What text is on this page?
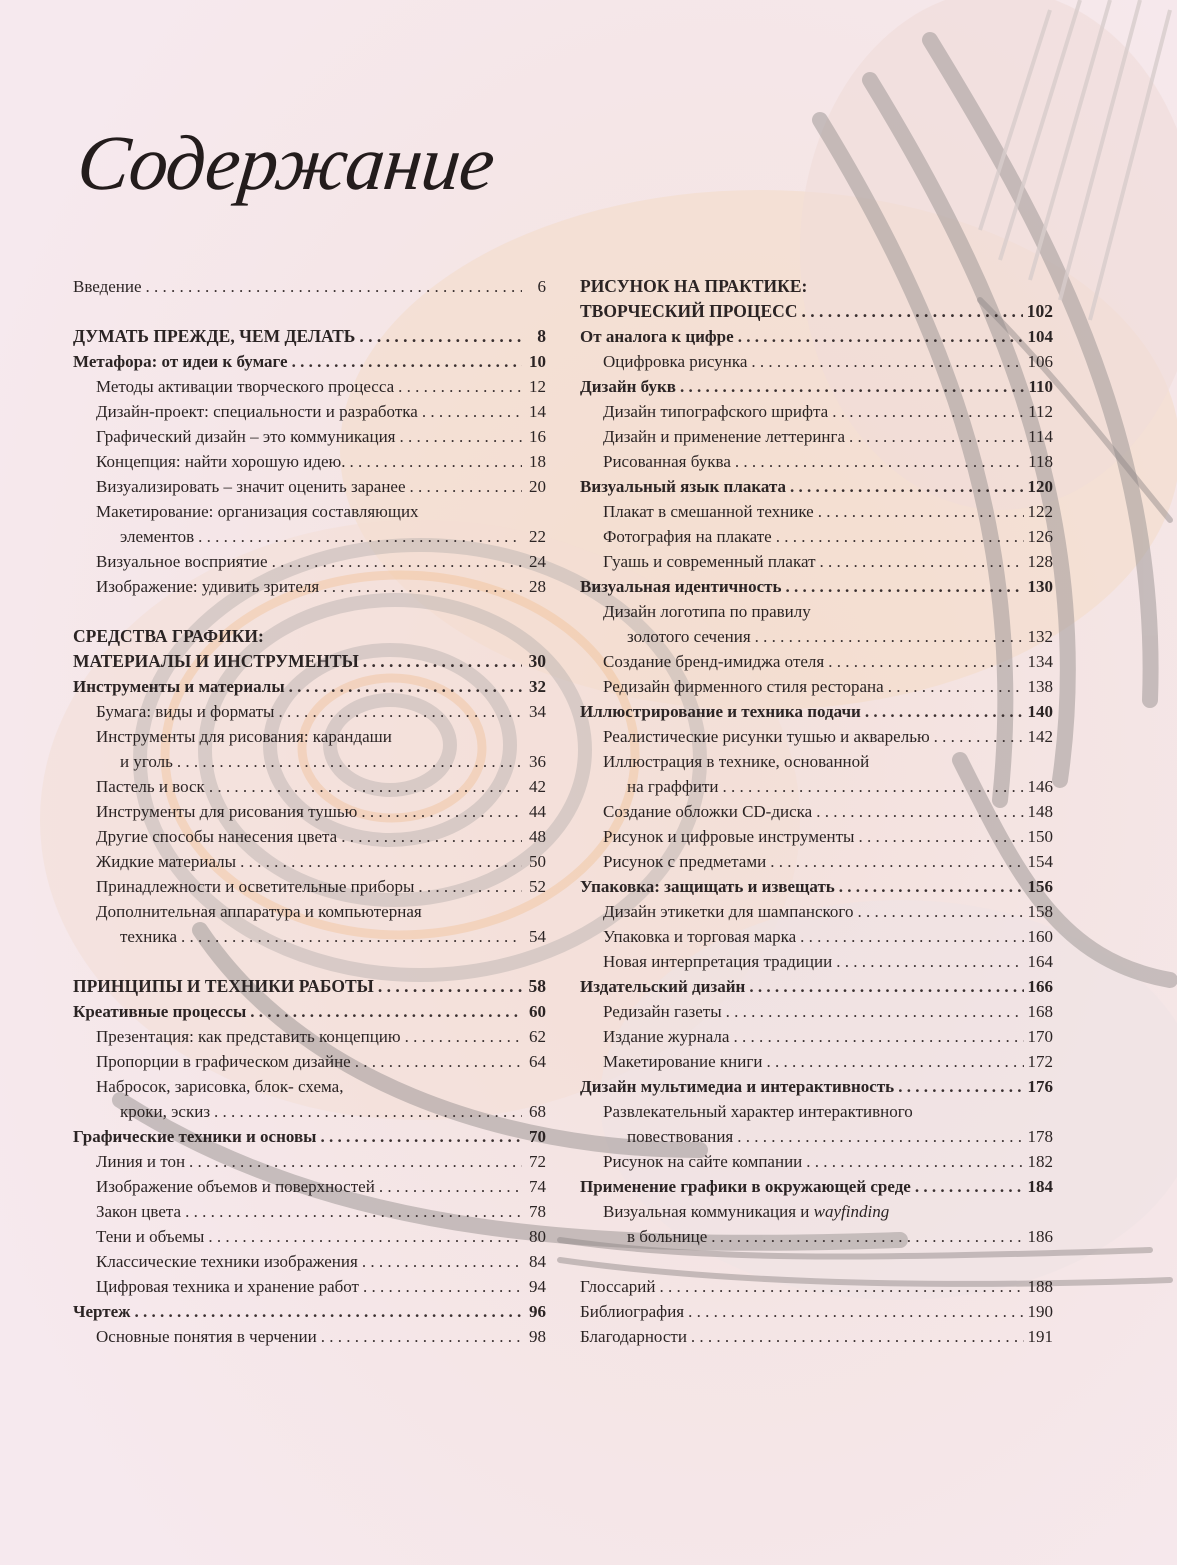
Содержание
Введение . . .	6
ДУМАТЬ ПРЕЖДЕ, ЧЕМ ДЕЛАТЬ . . .	8
Метафора: от идеи к бумаге . . .	10
Методы активации творческого процесса . . .	12
Дизайн-проект: специальности и разработка . . .	14
Графический дизайн – это коммуникация . . .	16
Концепция: найти хорошую идею. . . .	18
Визуализировать – значит оценить заранее . . .	20
Макетирование: организация составляющих
элементов . . .	22
Визуальное восприятие . . .	24
Изображение: удивить зрителя . . .	28
СРЕДСТВА ГРАФИКИ:
МАТЕРИАЛЫ И ИНСТРУМЕНТЫ . . .	30
Инструменты и материалы . . .	32
Бумага: виды и форматы . . .	34
Инструменты для рисования: карандаши
и уголь . . .	36
Пастель и воск . . .	42
Инструменты для рисования тушью . . .	44
Другие способы нанесения цвета . . .	48
Жидкие материалы . . .	50
Принадлежности и осветительные приборы . . .	52
Дополнительная аппаратура и компьютерная
техника . . .	54
ПРИНЦИПЫ И ТЕХНИКИ РАБОТЫ . . .	58
Креативные процессы . . .	60
Презентация: как представить концепцию . . .	62
Пропорции в графическом дизайне . . .	64
Набросок, зарисовка, блок- схема,
кроки, эскиз . . .	68
Графические техники и основы . . .	70
Линия и тон . . .	72
Изображение объемов и поверхностей . . .	74
Закон цвета . . .	78
Тени и объемы . . .	80
Классические техники изображения . . .	84
Цифровая техника и хранение работ . . .	94
Чертеж . . .	96
Основные понятия в черчении . . .	98
РИСУНОК НА ПРАКТИКЕ:
ТВОРЧЕСКИЙ ПРОЦЕСС . . .	102
От аналога к цифре . . .	104
Оцифровка рисунка . . .	106
Дизайн букв . . .	110
Дизайн типографского шрифта . . .	112
Дизайн и применение леттеринга . . .	114
Рисованная буква . . .	118
Визуальный язык плаката . . .	120
Плакат в смешанной технике . . .	122
Фотография на плакате . . .	126
Гуашь и современный плакат . . .	128
Визуальная идентичность . . .	130
Дизайн логотипа по правилу
золотого сечения . . .	132
Создание бренд-имиджа отеля . . .	134
Редизайн фирменного стиля ресторана . . .	138
Иллюстрирование и техника подачи . . .	140
Реалистические рисунки тушью и акварелью . . .	142
Иллюстрация в технике, основанной
на граффити . . .	146
Создание обложки CD-диска . . .	148
Рисунок и цифровые инструменты . . .	150
Рисунок с предметами . . .	154
Упаковка: защищать и извещать . . .	156
Дизайн этикетки для шампанского . . .	158
Упаковка и торговая марка . . .	160
Новая интерпретация традиции . . .	164
Издательский дизайн . . .	166
Редизайн газеты . . .	168
Издание журнала . . .	170
Макетирование книги . . .	172
Дизайн мультимедиа и интерактивность . . .	176
Развлекательный характер интерактивного
повествования . . .	178
Рисунок на сайте компании . . .	182
Применение графики в окружающей среде . . .	184
Визуальная коммуникация и wayfinding
в больнице . . .	186
Глоссарий . . .	188
Библиография . . .	190
Благодарности . . .	191
